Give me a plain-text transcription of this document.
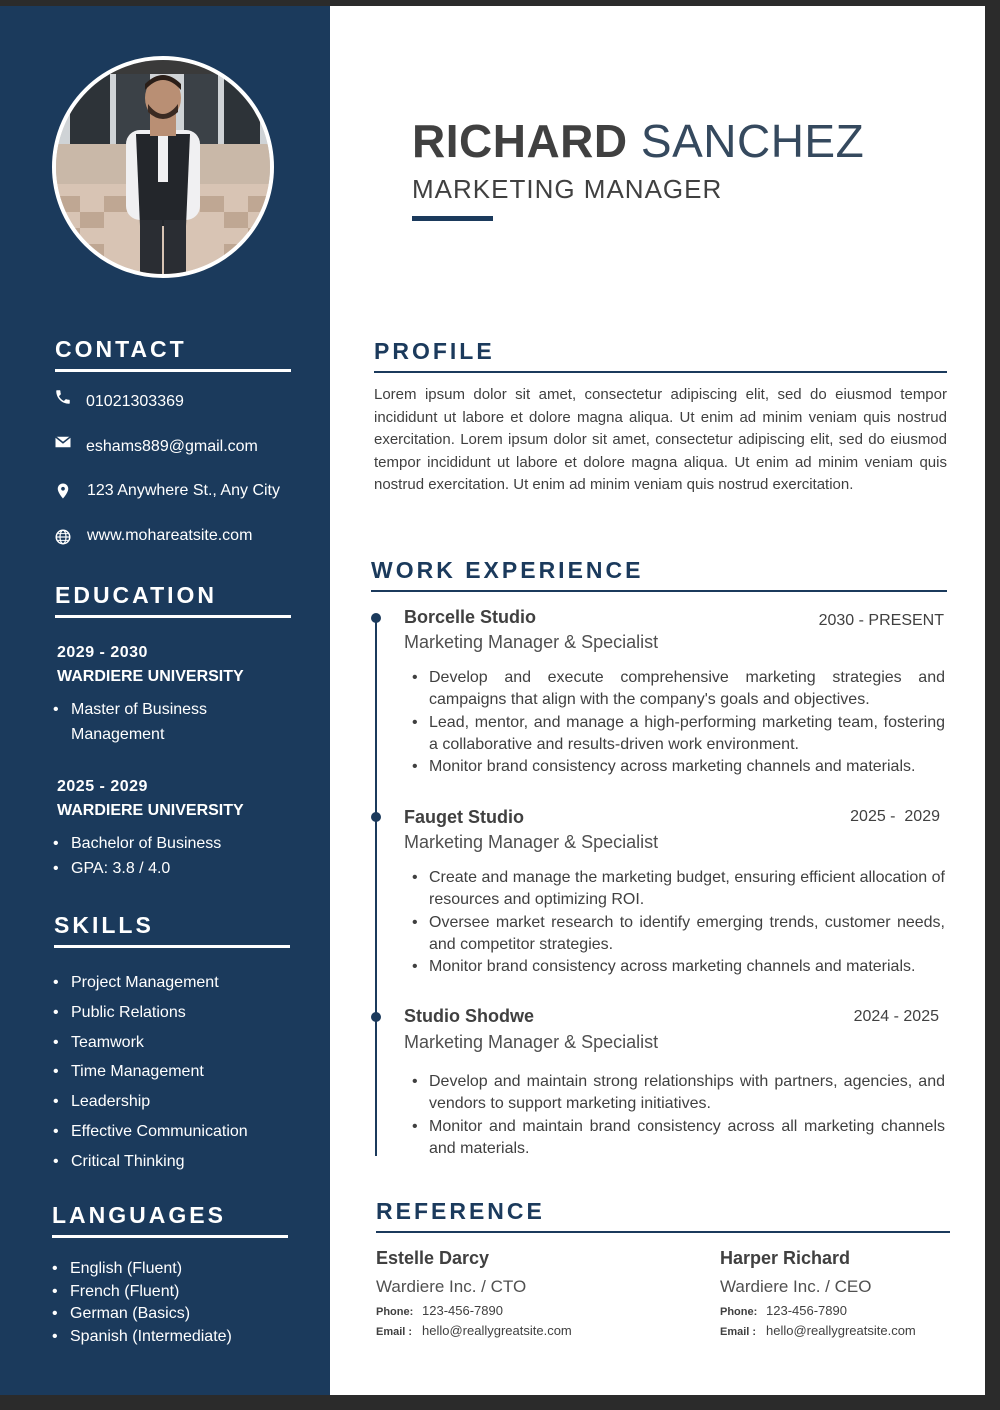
CONTACT
01021303369
eshams889@gmail.com
123 Anywhere St., Any City
www.mohareatsite.com
EDUCATION
2029 - 2030
WARDIERE UNIVERSITY
• Master of Business
Management
2025 - 2029
WARDIERE UNIVERSITY
• Bachelor of Business
• GPA: 3.8 / 4.0
SKILLS
• Project Management
• Public Relations
• Teamwork
• Time Management
• Leadership
• Effective Communication
• Critical Thinking
LANGUAGES
• English (Fluent)
• French (Fluent)
• German (Basics)
• Spanish (Intermediate)
RICHARD SANCHEZ
MARKETING MANAGER
PROFILE
Lorem ipsum dolor sit amet, consectetur adipiscing elit, sed do eiusmod tempor incididunt ut labore et dolore magna aliqua. Ut enim ad minim veniam quis nostrud exercitation. Lorem ipsum dolor sit amet, consectetur adipiscing elit, sed do eiusmod tempor incididunt ut labore et dolore magna aliqua. Ut enim ad minim veniam quis nostrud exercitation. Ut enim ad minim veniam quis nostrud exercitation.
WORK EXPERIENCE
Borcelle Studio	2030 - PRESENT
Marketing Manager & Specialist
• Develop and execute comprehensive marketing strategies and campaigns that align with the company's goals and objectives.
• Lead, mentor, and manage a high-performing marketing team, fostering a collaborative and results-driven work environment.
• Monitor brand consistency across marketing channels and materials.
Fauget Studio	2025 -  2029
Marketing Manager & Specialist
• Create and manage the marketing budget, ensuring efficient allocation of resources and optimizing ROI.
• Oversee market research to identify emerging trends, customer needs, and competitor strategies.
• Monitor brand consistency across marketing channels and materials.
Studio Shodwe	2024 - 2025
Marketing Manager & Specialist
• Develop and maintain strong relationships with partners, agencies, and vendors to support marketing initiatives.
• Monitor and maintain brand consistency across all marketing channels and materials.
REFERENCE
Estelle Darcy
Wardiere Inc. / CTO
Phone: 123-456-7890
Email : hello@reallygreatsite.com
Harper Richard
Wardiere Inc. / CEO
Phone: 123-456-7890
Email : hello@reallygreatsite.com
